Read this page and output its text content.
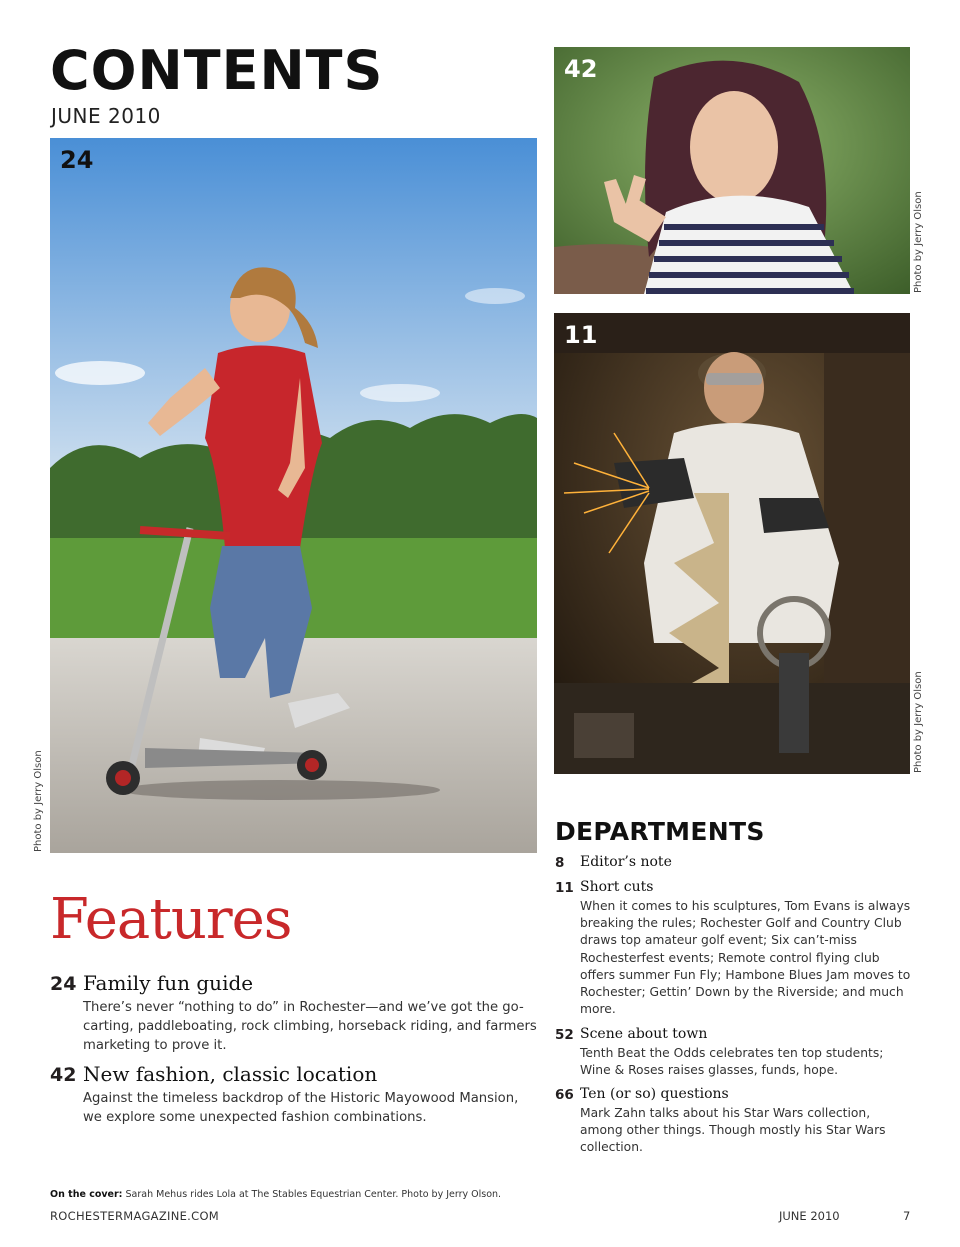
CONTENTS
JUNE 2010
24
Photo by Jerry Olson
42
Photo by Jerry Olson
11
Photo by Jerry Olson
Features
24 Family fun guide
There’s never “nothing to do” in Rochester—and we’ve got the go-carting, paddleboating, rock climbing, horseback riding, and farmers marketing to prove it.
42 New fashion, classic location
Against the timeless backdrop of the Historic Mayowood Mansion, we explore some unexpected fashion combinations.
DEPARTMENTS
8 Editor’s note
11 Short cuts
When it comes to his sculptures, Tom Evans is always breaking the rules; Rochester Golf and Country Club draws top amateur golf event; Six can’t-miss Rochesterfest events; Remote control flying club offers summer Fun Fly; Hambone Blues Jam moves to Rochester; Gettin’ Down by the Riverside; and much more.
52 Scene about town
Tenth Beat the Odds celebrates ten top students; Wine & Roses raises glasses, funds, hope.
66 Ten (or so) questions
Mark Zahn talks about his Star Wars collection, among other things. Though mostly his Star Wars collection.
On the cover: Sarah Mehus rides Lola at The Stables Equestrian Center. Photo by Jerry Olson.
ROCHESTERMAGAZINE.COM	JUNE 2010	7
